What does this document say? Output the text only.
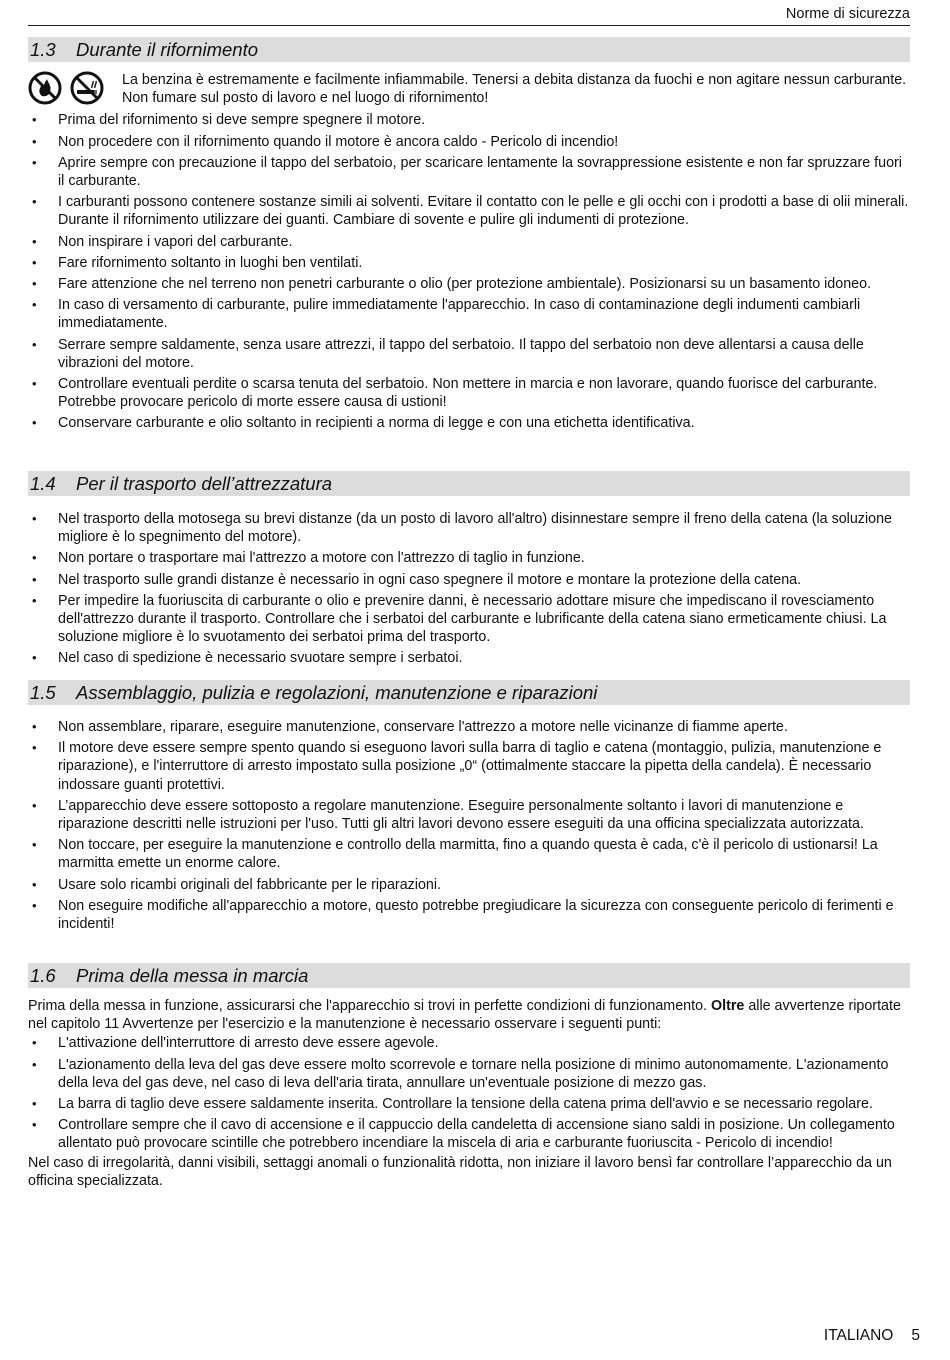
Norme di sicurezza
1.3 Durante il rifornimento

La benzina è estremamente e facilmente infiammabile. Tenersi a debita distanza da fuochi e non agitare nessun carburante. Non fumare sul posto di lavoro e nel luogo di rifornimento!

• Prima del rifornimento si deve sempre spegnere il motore.
• Non procedere con il rifornimento quando il motore è ancora caldo - Pericolo di incendio!
• Aprire sempre con precauzione il tappo del serbatoio, per scaricare lentamente la sovrappressione esistente e non far spruzzare fuori il carburante.
• I carburanti possono contenere sostanze simili ai solventi. Evitare il contatto con le pelle e gli occhi con i prodotti a base di olii minerali. Durante il rifornimento utilizzare dei guanti. Cambiare di sovente e pulire gli indumenti di protezione.
• Non inspirare i vapori del carburante.
• Fare rifornimento soltanto in luoghi ben ventilati.
• Fare attenzione che nel terreno non penetri carburante o olio (per protezione ambientale). Posizionarsi su un basamento idoneo.
• In caso di versamento di carburante, pulire immediatamente l'apparecchio. In caso di contaminazione degli indumenti cambiarli immediatamente.
• Serrare sempre saldamente, senza usare attrezzi, il tappo del serbatoio. Il tappo del serbatoio non deve allentarsi a causa delle vibrazioni del motore.
• Controllare eventuali perdite o scarsa tenuta del serbatoio. Non mettere in marcia e non lavorare, quando fuorisce del carburante. Potrebbe provocare pericolo di morte essere causa di ustioni!
• Conservare carburante e olio soltanto in recipienti a norma di legge e con una etichetta identificativa.
1.4 Per il trasporto dell’attrezzatura
• Nel trasporto della motosega su brevi distanze (da un posto di lavoro all'altro) disinnestare sempre il freno della catena (la soluzione migliore è lo spegnimento del motore).
• Non portare o trasportare mai l'attrezzo a motore con l'attrezzo di taglio in funzione.
• Nel trasporto sulle grandi distanze è necessario in ogni caso spegnere il motore e montare la protezione della catena.
• Per impedire la fuoriuscita di carburante o olio e prevenire danni, è necessario adottare misure che impediscano il rovesciamento dell'attrezzo durante il trasporto. Controllare che i serbatoi del carburante e lubrificante della catena siano ermeticamente chiusi. La soluzione migliore è lo svuotamento dei serbatoi prima del trasporto.
• Nel caso di spedizione è necessario svuotare sempre i serbatoi.
1.5 Assemblaggio, pulizia e regolazioni, manutenzione e riparazioni
• Non assemblare, riparare, eseguire manutenzione, conservare l'attrezzo a motore nelle vicinanze di fiamme aperte.
• Il motore deve essere sempre spento quando si eseguono lavori sulla barra di taglio e catena (montaggio, pulizia, manutenzione e riparazione), e l'interruttore di arresto impostato sulla posizione „0“ (ottimalmente staccare la pipetta della candela). È necessario indossare guanti protettivi.
• L’apparecchio deve essere sottoposto a regolare manutenzione. Eseguire personalmente soltanto i lavori di manutenzione e riparazione descritti nelle istruzioni per l'uso. Tutti gli altri lavori devono essere eseguiti da una officina specializzata autorizzata.
• Non toccare, per eseguire la manutenzione e controllo della marmitta, fino a quando questa è cada, c'è il pericolo di ustionarsi! La marmitta emette un enorme calore.
• Usare solo ricambi originali del fabbricante per le riparazioni.
• Non eseguire modifiche all'apparecchio a motore, questo potrebbe pregiudicare la sicurezza con conseguente pericolo di ferimenti e incidenti!
1.6 Prima della messa in marcia

Prima della messa in funzione, assicurarsi che l'apparecchio si trovi in perfette condizioni di funzionamento. Oltre alle avvertenze riportate nel capitolo 11 Avvertenze per l'esercizio e la manutenzione è necessario osservare i seguenti punti:

• L'attivazione dell'interruttore di arresto deve essere agevole.
• L'azionamento della leva del gas deve essere molto scorrevole e tornare nella posizione di minimo autonomamente. L'azionamento della leva del gas deve, nel caso di leva dell'aria tirata, annullare un'eventuale posizione di mezzo gas.
• La barra di taglio deve essere saldamente inserita. Controllare la tensione della catena prima dell'avvio e se necessario regolare.
• Controllare sempre che il cavo di accensione e il cappuccio della candeletta di accensione siano saldi in posizione. Un collegamento allentato può provocare scintille che potrebbero incendiare la miscela di aria e carburante fuoriuscita - Pericolo di incendio!

Nel caso di irregolarità, danni visibili, settaggi anomali o funzionalità ridotta, non iniziare il lavoro bensì far controllare l’apparecchio da un officina specializzata.

ITALIANO 5
